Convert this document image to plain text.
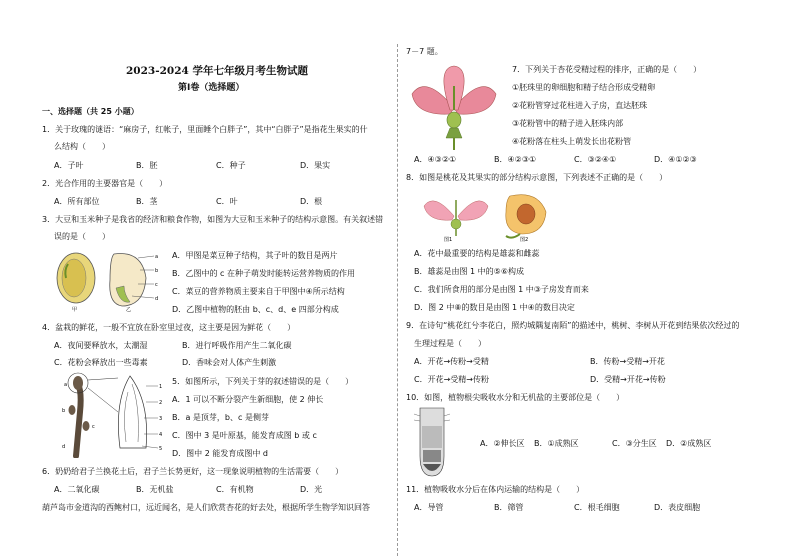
2023-2024 学年七年级月考生物试题
第Ⅰ卷（选择题）
一、选择题（共 25 小题）
1．关于玫瑰的谜语：“麻房子，红帐子，里面睡个白胖子”，其中“白胖子”是指花生果实的什
么结构（　　）
A．子叶	B．胚	C．种子	D．果实
2．光合作用的主要器官是（　　）
A．所有部位	B．茎	C．叶	D．根
3．大豆和玉米种子是我省的经济和粮食作物，如图为大豆和玉米种子的结构示意图。有关叙述错
误的是（　　）
a
b
c
d
甲	乙
A．甲图是菜豆种子结构，其子叶的数目是两片
B．乙图中的 c 在种子萌发时能转运营养物质的作用
C．菜豆的营养物质主要来自于甲图中④所示结构
D．乙图中植物的胚由 b、c、d、e 四部分构成
4．盆栽的鲜花，一般不宜放在卧室里过夜，这主要是因为鲜花（　　）
A．夜间要释放水，太潮湿	B．进行呼吸作用产生二氧化碳
C．花粉会释放出一些毒素	D．香味会对人体产生刺激
a
b
c
d
1
2
3
4
5
5．如图所示，下列关于芽的叙述错误的是（　　）
A．1 可以不断分裂产生新细胞，使 2 伸长
B．a 是顶芽，b、c 是侧芽
C．图中 3 是叶原基，能发育成图 b 或 c
D．图中 2 能发育成图中 d
6．奶奶给君子兰换花土后，君子兰长势更好，这一现象说明植物的生活需要（　　）
A．二氧化碳	B．无机盐	C．有机物	D．光
葫芦岛市金道沟的西鲍村口，远近闻名，是人们欣赏杏花的好去处，根据所学生物学知识回答
7－7 题。
7．下列关于杏花受精过程的排序，正确的是（　　）
①胚珠里的卵细胞和精子结合形成受精卵
②花粉管穿过花柱进入子房，直达胚珠
③花粉管中的精子进入胚珠内部
④花粉落在柱头上萌发长出花粉管
A．④③②①	B．④②③①	C．③②④①	D．④①②③
8．如图是桃花及其果实的部分结构示意图，下列表述不正确的是（　　）
图1	图2
A．花中最重要的结构是雄蕊和雌蕊
B．雄蕊是由图 1 中的⑤⑥构成
C．我们所食用的部分是由图 1 中③子房发育而来
D．图 2 中⑧的数目是由图 1 中④的数目决定
9．在诗句“桃花红兮李花白，照灼城隅复南陌”的描述中，桃树、李树从开花到结果依次经过的
生理过程是（　　）
A．开花→传粉→受精	B．传粉→受精→开花
C．开花→受精→传粉	D．受精→开花→传粉
10．如图，植物根尖吸收水分和无机盐的主要部位是（　　）
A．②伸长区 B．①成熟区	C．③分生区 D．②成熟区
11．植物吸收水分后在体内运输的结构是（　　）
A．导管	B．筛管	C．根毛细胞	D．表皮细胞
